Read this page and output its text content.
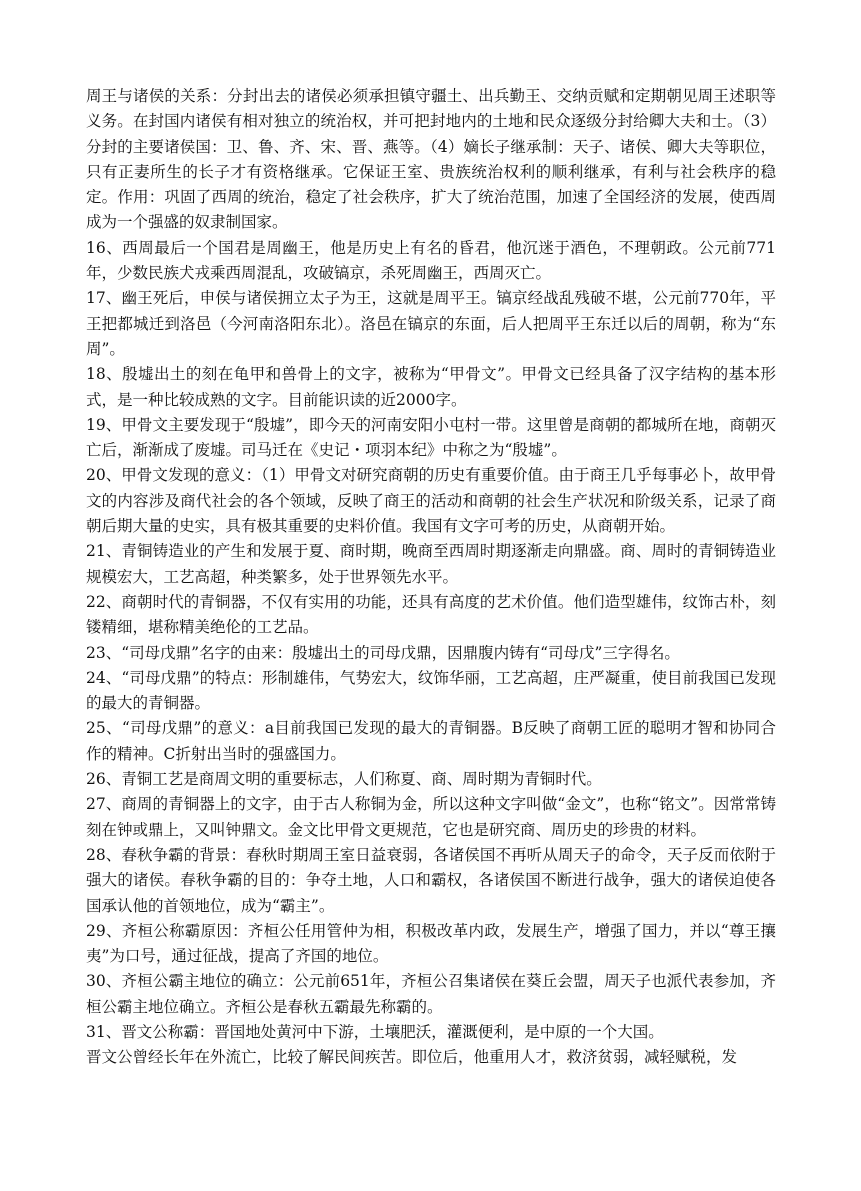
周王与诸侯的关系：分封出去的诸侯必须承担镇守疆土、出兵勤王、交纳贡赋和定期朝见周王述职等义务。在封国内诸侯有相对独立的统治权，并可把封地内的土地和民众逐级分封给卿大夫和士。（3）分封的主要诸侯国：卫、鲁、齐、宋、晋、燕等。（4）嫡长子继承制：天子、诸侯、卿大夫等职位，只有正妻所生的长子才有资格继承。它保证王室、贵族统治权利的顺利继承，有利与社会秩序的稳定。作用：巩固了西周的统治，稳定了社会秩序，扩大了统治范围，加速了全国经济的发展，使西周成为一个强盛的奴隶制国家。

16、西周最后一个国君是周幽王，他是历史上有名的昏君，他沉迷于酒色，不理朝政。公元前771年，少数民族犬戎乘西周混乱，攻破镐京，杀死周幽王，西周灭亡。

17、幽王死后，申侯与诸侯拥立太子为王，这就是周平王。镐京经战乱残破不堪，公元前770年，平王把都城迁到洛邑（今河南洛阳东北）。洛邑在镐京的东面，后人把周平王东迁以后的周朝，称为“东周”。

18、殷墟出土的刻在龟甲和兽骨上的文字，被称为“甲骨文”。甲骨文已经具备了汉字结构的基本形式，是一种比较成熟的文字。目前能识读的近2000字。

19、甲骨文主要发现于“殷墟”，即今天的河南安阳小屯村一带。这里曾是商朝的都城所在地，商朝灭亡后，渐渐成了废墟。司马迁在《史记・项羽本纪》中称之为“殷墟”。

20、甲骨文发现的意义：（1）甲骨文对研究商朝的历史有重要价值。由于商王几乎每事必卜，故甲骨文的内容涉及商代社会的各个领域，反映了商王的活动和商朝的社会生产状况和阶级关系，记录了商朝后期大量的史实，具有极其重要的史料价值。我国有文字可考的历史，从商朝开始。

21、青铜铸造业的产生和发展于夏、商时期，晚商至西周时期逐渐走向鼎盛。商、周时的青铜铸造业规模宏大，工艺高超，种类繁多，处于世界领先水平。

22、商朝时代的青铜器，不仅有实用的功能，还具有高度的艺术价值。他们造型雄伟，纹饰古朴，刻镂精细，堪称精美绝伦的工艺品。

23、“司母戊鼎”名字的由来：殷墟出土的司母戊鼎，因鼎腹内铸有“司母戊”三字得名。

24、“司母戊鼎”的特点：形制雄伟，气势宏大，纹饰华丽，工艺高超，庄严凝重，使目前我国已发现的最大的青铜器。

25、“司母戊鼎”的意义：a目前我国已发现的最大的青铜器。B反映了商朝工匠的聪明才智和协同合作的精神。C折射出当时的强盛国力。

26、青铜工艺是商周文明的重要标志，人们称夏、商、周时期为青铜时代。

27、商周的青铜器上的文字，由于古人称铜为金，所以这种文字叫做“金文”，也称“铭文”。因常常铸刻在钟或鼎上，又叫钟鼎文。金文比甲骨文更规范，它也是研究商、周历史的珍贵的材料。

28、春秋争霸的背景：春秋时期周王室日益衰弱，各诸侯国不再听从周天子的命令，天子反而依附于强大的诸侯。春秋争霸的目的：争夺土地，人口和霸权，各诸侯国不断进行战争，强大的诸侯迫使各国承认他的首领地位，成为“霸主”。

29、齐桓公称霸原因：齐桓公任用管仲为相，积极改革内政，发展生产，增强了国力，并以“尊王攘夷”为口号，通过征战，提高了齐国的地位。

30、齐桓公霸主地位的确立：公元前651年，齐桓公召集诸侯在葵丘会盟，周天子也派代表参加，齐桓公霸主地位确立。齐桓公是春秋五霸最先称霸的。

31、晋文公称霸：晋国地处黄河中下游，土壤肥沃，灌溉便利，是中原的一个大国。

晋文公曾经长年在外流亡，比较了解民间疾苦。即位后，他重用人才，救济贫弱，减轻赋税，发
